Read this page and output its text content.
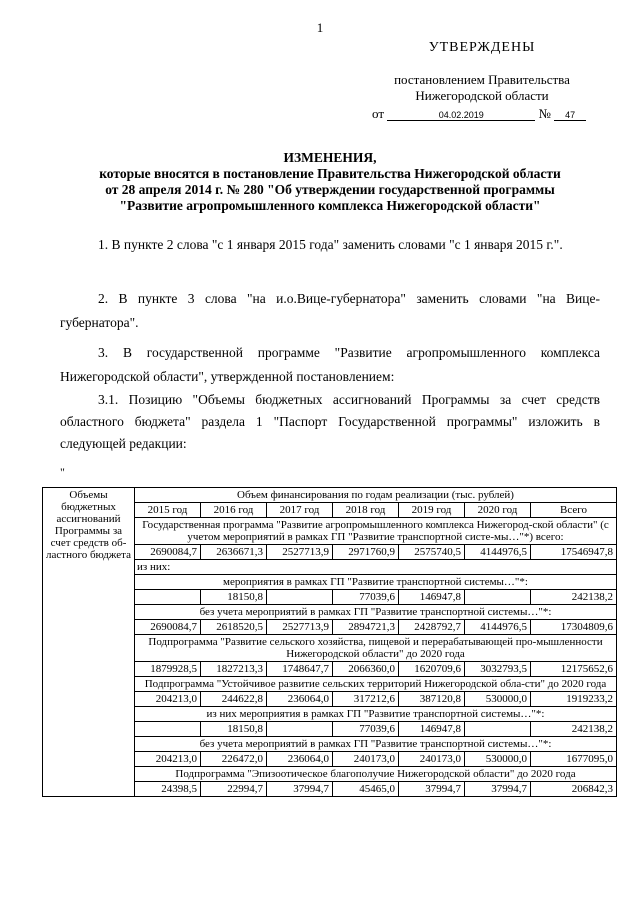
1
УТВЕРЖДЕНЫ
постановлением Правительства
Нижегородской области
от	04.02.2019	№ 47
ИЗМЕНЕНИЯ,
которые вносятся в постановление Правительства Нижегородской области
от 28 апреля 2014 г. № 280 "Об утверждении государственной программы
"Развитие агропромышленного комплекса Нижегородской области"
1. В пункте 2 слова "с 1 января 2015 года" заменить словами "с 1 января 2015 г.".
2. В пункте 3 слова "на и.о.Вице-губернатора" заменить словами "на Вице-губернатора".
3. В государственной программе "Развитие агропромышленного комплекса Нижегородской области", утвержденной постановлением:
3.1. Позицию "Объемы бюджетных ассигнований Программы за счет средств областного бюджета" раздела 1 "Паспорт Государственной программы" изложить в следующей редакции:
"
Объемы бюджетных ассигнований Программы за счет средств об-ластного бюджета	Объем финансирования по годам реализации (тыс. рублей)						
	2015 год	2016 год	2017 год	2018 год	2019 год	2020 год	Всего
	Государственная программа "Развитие агропромышленного комплекса Нижегород-ской области" (с учетом мероприятий в рамках ГП "Развитие транспортной систе-мы…"*) всего:						
	2690084,7	2636671,3	2527713,9	2971760,9	2575740,5	4144976,5	17546947,8
	из них:						
	мероприятия в рамках ГП "Развитие транспортной системы…"*:						
		18150,8		77039,6	146947,8		242138,2
	без учета мероприятий в рамках ГП "Развитие транспортной системы…"*:						
	2690084,7	2618520,5	2527713,9	2894721,3	2428792,7	4144976,5	17304809,6
	Подпрограмма "Развитие сельского хозяйства, пищевой и перерабатывающей про-мышленности Нижегородской области" до 2020 года						
	1879928,5	1827213,3	1748647,7	2066360,0	1620709,6	3032793,5	12175652,6
	Подпрограмма "Устойчивое развитие сельских территорий Нижегородской обла-сти" до 2020 года						
	204213,0	244622,8	236064,0	317212,6	387120,8	530000,0	1919233,2
	из них мероприятия в рамках ГП "Развитие транспортной системы…"*:						
		18150,8		77039,6	146947,8		242138,2
	без учета мероприятий в рамках ГП "Развитие транспортной системы…"*:						
	204213,0	226472,0	236064,0	240173,0	240173,0	530000,0	1677095,0
	Подпрограмма "Эпизоотическое благополучие Нижегородской области" до 2020 года						
	24398,5	22994,7	37994,7	45465,0	37994,7	37994,7	206842,3
